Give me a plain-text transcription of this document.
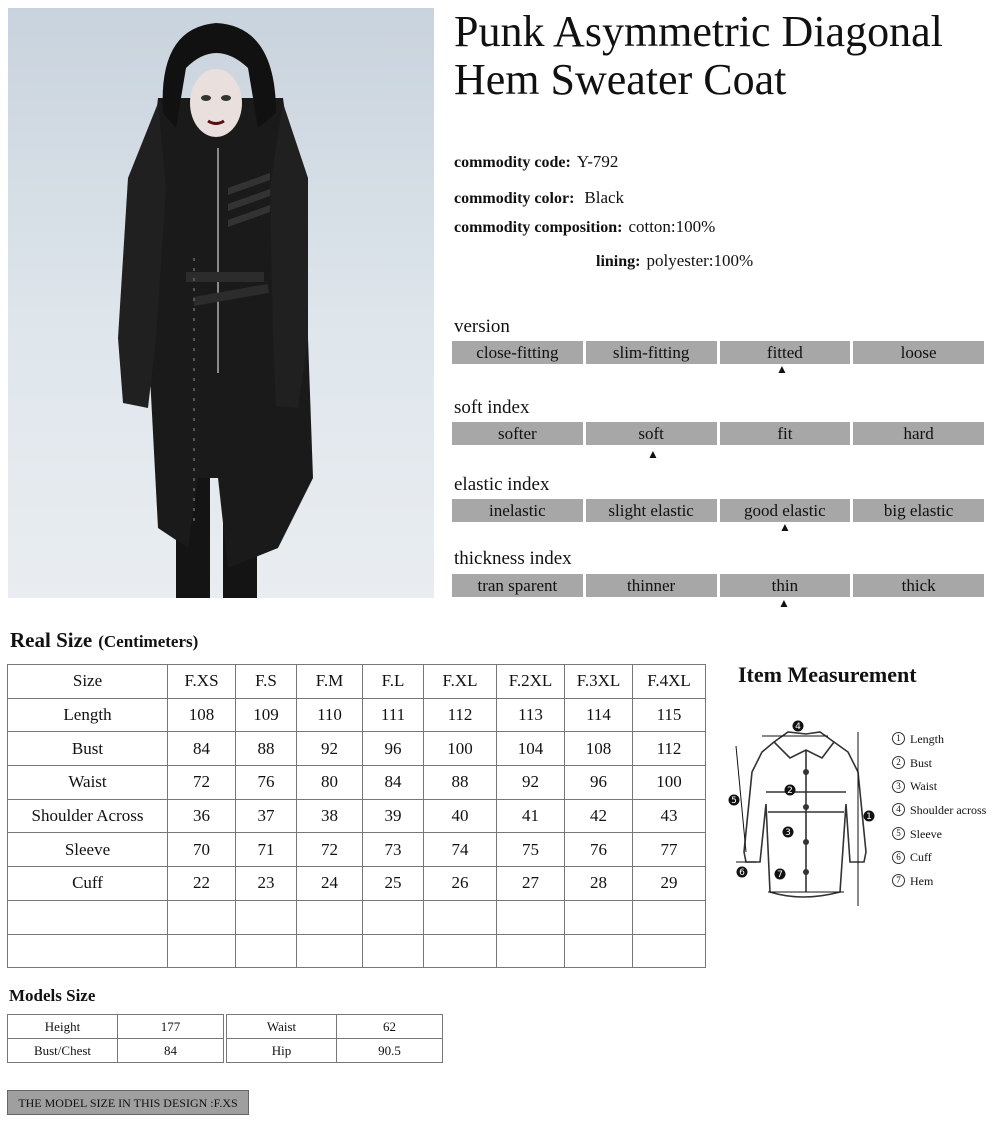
Punk Asymmetric Diagonal Hem Sweater Coat
commodity code: Y-792
commodity color: Black
commodity composition: cotton:100%
lining: polyester:100%
version
close-fitting	slim-fitting	fitted	loose
▲
soft index
softer	soft	fit	hard
▲
elastic index
inelastic	slight elastic	good elastic	big elastic
▲
thickness index
tran sparent	thinner	thin	thick
▲
Real Size (Centimeters)
Size	F.XS	F.S	F.M	F.L	F.XL	F.2XL	F.3XL	F.4XL
Length	108	109	110	111	112	113	114	115
Bust	84	88	92	96	100	104	108	112
Waist	72	76	80	84	88	92	96	100
Shoulder Across	36	37	38	39	40	41	42	43
Sleeve	70	71	72	73	74	75	76	77
Cuff	22	23	24	25	26	27	28	29

Item Measurement
4
1
2
3
5
6	7
1 Length
2 Bust
3 Waist
4 Shoulder across
5 Sleeve
6 Cuff
7 Hem
Models Size
Height	177
Bust/Chest	84
Waist	62
Hip	90.5
THE MODEL SIZE IN THIS DESIGN :F.XS
